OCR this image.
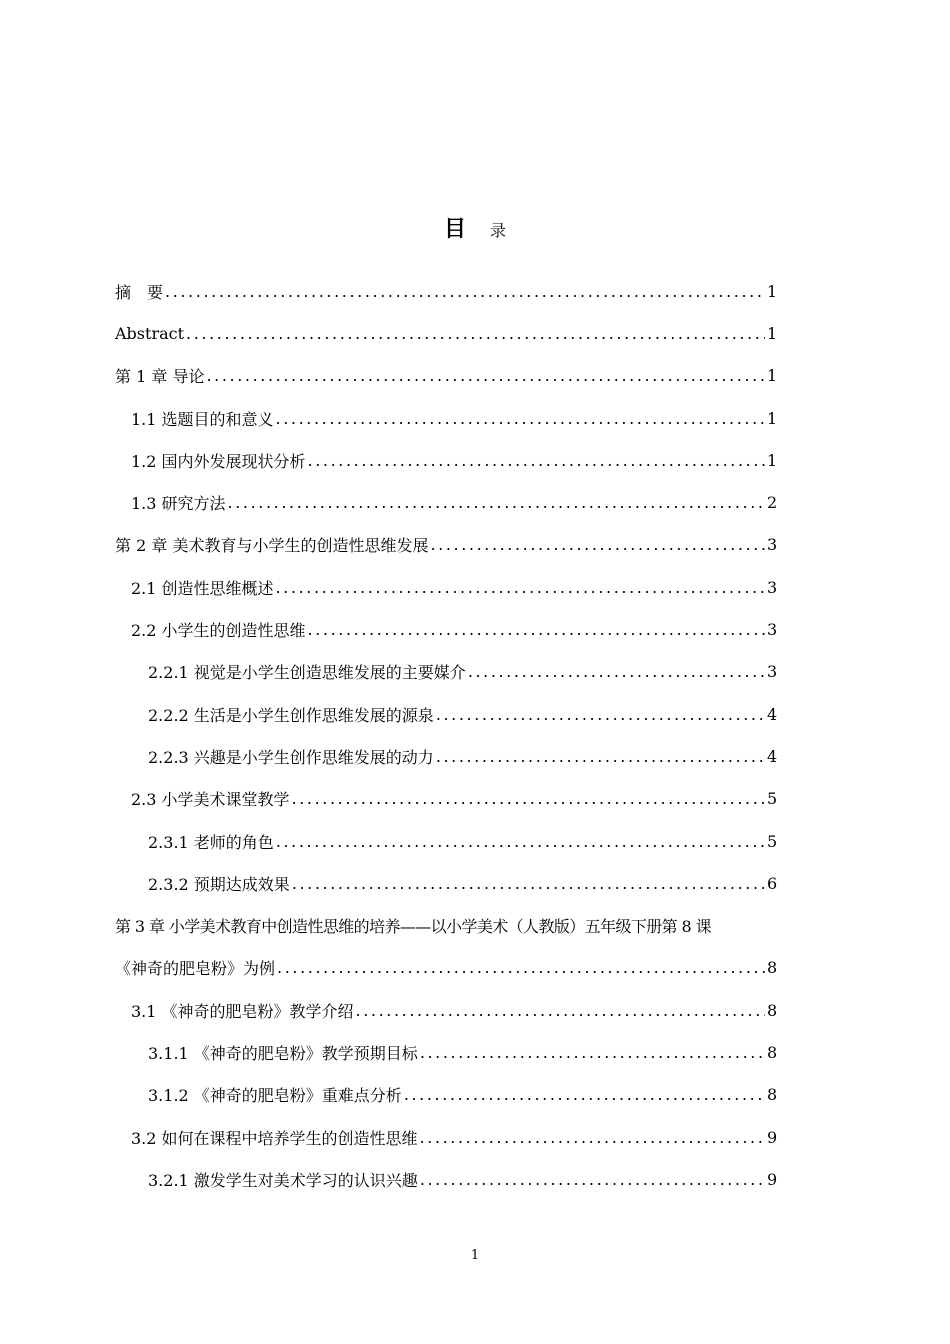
目 录
摘　要 .....	1
Abstract .....	1
第 1 章 导论 .....	1
1.1 选题目的和意义 .....	1
1.2 国内外发展现状分析 .....	1
1.3 研究方法 .....	2
第 2 章 美术教育与小学生的创造性思维发展 .....	3
2.1 创造性思维概述 .....	3
2.2 小学生的创造性思维 .....	3
2.2.1 视觉是小学生创造思维发展的主要媒介 .....	3
2.2.2 生活是小学生创作思维发展的源泉 .....	4
2.2.3 兴趣是小学生创作思维发展的动力 .....	4
2.3 小学美术课堂教学 .....	5
2.3.1 老师的角色 .....	5
2.3.2 预期达成效果 .....	6
第 3 章 小学美术教育中创造性思维的培养——以小学美术（人教版）五年级下册第 8 课
《神奇的肥皂粉》为例 .....	8
3.1 《神奇的肥皂粉》教学介绍 .....	8
3.1.1 《神奇的肥皂粉》教学预期目标 .....	8
3.1.2 《神奇的肥皂粉》重难点分析 .....	8
3.2 如何在课程中培养学生的创造性思维 .....	9
3.2.1 激发学生对美术学习的认识兴趣 .....	9
1
